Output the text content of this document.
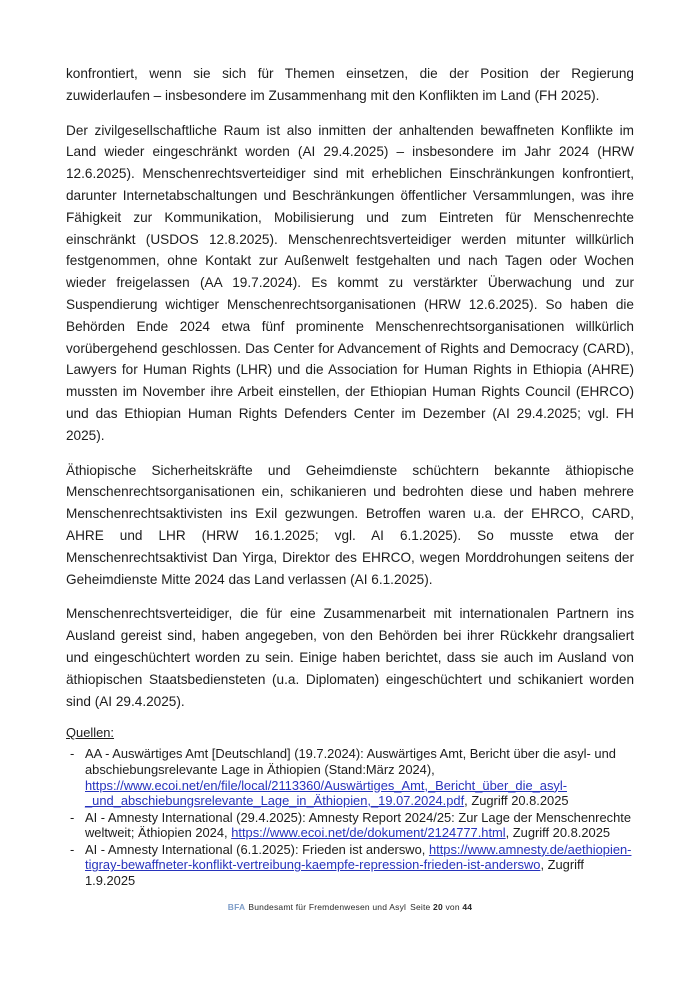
konfrontiert, wenn sie sich für Themen einsetzen, die der Position der Regierung zuwiderlaufen – insbesondere im Zusammenhang mit den Konflikten im Land (FH 2025).

Der zivilgesellschaftliche Raum ist also inmitten der anhaltenden bewaffneten Konflikte im Land wieder eingeschränkt worden (AI 29.4.2025) – insbesondere im Jahr 2024 (HRW 12.6.2025). Menschenrechtsverteidiger sind mit erheblichen Einschränkungen konfrontiert, darunter Internetabschaltungen und Beschränkungen öffentlicher Versammlungen, was ihre Fähigkeit zur Kommunikation, Mobilisierung und zum Eintreten für Menschenrechte einschränkt (USDOS 12.8.2025). Menschenrechtsverteidiger werden mitunter willkürlich festgenommen, ohne Kontakt zur Außenwelt festgehalten und nach Tagen oder Wochen wieder freigelassen (AA 19.7.2024). Es kommt zu verstärkter Überwachung und zur Suspendierung wichtiger Menschenrechtsorganisationen (HRW 12.6.2025). So haben die Behörden Ende 2024 etwa fünf prominente Menschenrechtsorganisationen willkürlich vorübergehend geschlossen. Das Center for Advancement of Rights and Democracy (CARD), Lawyers for Human Rights (LHR) und die Association for Human Rights in Ethiopia (AHRE) mussten im November ihre Arbeit einstellen, der Ethiopian Human Rights Council (EHRCO) und das Ethiopian Human Rights Defenders Center im Dezember (AI 29.4.2025; vgl. FH 2025).

Äthiopische Sicherheitskräfte und Geheimdienste schüchtern bekannte äthiopische Menschenrechtsorganisationen ein, schikanieren und bedrohten diese und haben mehrere Menschenrechtsaktivisten ins Exil gezwungen. Betroffen waren u.a. der EHRCO, CARD, AHRE und LHR (HRW 16.1.2025; vgl. AI 6.1.2025). So musste etwa der Menschenrechtsaktivist Dan Yirga, Direktor des EHRCO, wegen Morddrohungen seitens der Geheimdienste Mitte 2024 das Land verlassen (AI 6.1.2025).

Menschenrechtsverteidiger, die für eine Zusammenarbeit mit internationalen Partnern ins Ausland gereist sind, haben angegeben, von den Behörden bei ihrer Rückkehr drangsaliert und eingeschüchtert worden zu sein. Einige haben berichtet, dass sie auch im Ausland von äthiopischen Staatsbediensteten (u.a. Diplomaten) eingeschüchtert und schikaniert worden sind (AI 29.4.2025).

Quellen:
- AA - Auswärtiges Amt [Deutschland] (19.7.2024): Auswärtiges Amt, Bericht über die asyl- und abschiebungsrelevante Lage in Äthiopien (Stand:März 2024), https://www.ecoi.net/en/file/local/2113360/Auswärtiges_Amt,_Bericht_über_die_asyl-_und_abschiebungsrelevante_Lage_in_Äthiopien,_19.07.2024.pdf, Zugriff 20.8.2025
- AI - Amnesty International (29.4.2025): Amnesty Report 2024/25: Zur Lage der Menschenrechte weltweit; Äthiopien 2024, https://www.ecoi.net/de/dokument/2124777.html, Zugriff 20.8.2025
- AI - Amnesty International (6.1.2025): Frieden ist anderswo, https://www.amnesty.de/aethiopien-tigray-bewaffneter-konflikt-vertreibung-kaempfe-repression-frieden-ist-anderswo, Zugriff 1.9.2025
BFA Bundesamt für Fremdenwesen und Asyl Seite 20 von 44
